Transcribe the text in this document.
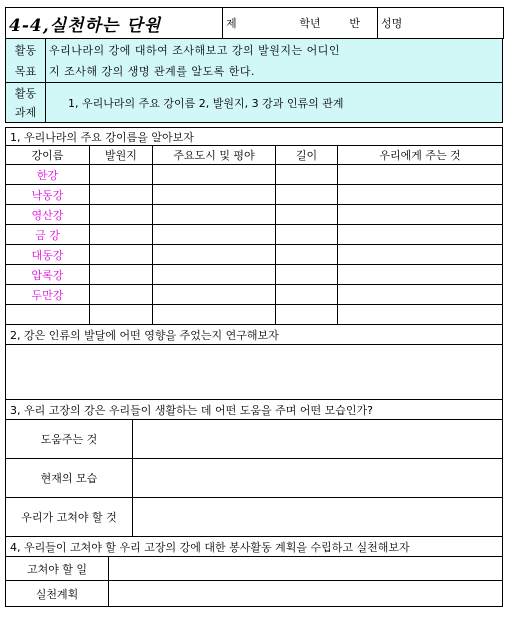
4-4,실천하는 단원	제		학년	반	성명
활동	우리나라의 강에 대하여 조사해보고 강의 발원지는 어디인
목표	지 조사해 강의 생명 관계를 알도록 한다.
활동	1, 우리나라의 주요 강이름 2, 발원지, 3 강과 인류의 관계
과제	
1, 우리나라의 주요 강이름을 알아보자				
강이름	발원지	주요도시 및 평야	길이	우리에게 주는 것
한강				
낙동강				
영산강				
금 강				
대동강				
압록강				
두만강				

2, 강은 인류의 발달에 어떤 영향을 주었는지 연구해보자

3, 우리 고장의 강은 우리들이 생활하는 데 어떤 도움을 주며 어떤 모습인가?	
도움주는 것	
현재의 모습	
우리가 고쳐야 할 것	
4, 우리들이 고쳐야 할 우리 고장의 강에 대한 봉사활동 계획을 수립하고 실천해보자	
고쳐야 할 일	
실천계획	
